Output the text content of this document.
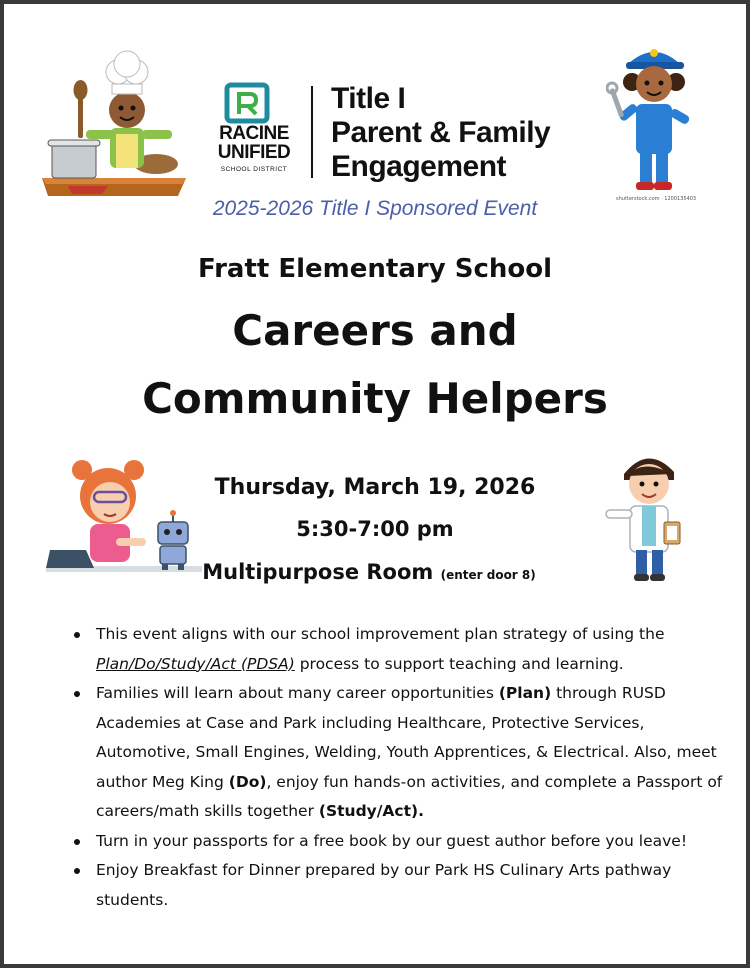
RACINE
UNIFIED
SCHOOL DISTRICT
Title I
Parent & Family
Engagement
shutterstock.com · 1200135403
2025-2026 Title I Sponsored Event
Fratt Elementary School
Careers and
Community Helpers
Thursday, March 19, 2026
5:30-7:00 pm
Multipurpose Room (enter door 8)
This event aligns with our school improvement plan strategy of using the
Plan/Do/Study/Act (PDSA) process to support teaching and learning.
Families will learn about many career opportunities (Plan) through RUSD Academies at Case and Park including Healthcare, Protective Services, Automotive, Small Engines, Welding, Youth Apprentices, & Electrical. Also, meet author Meg King (Do), enjoy fun hands-on activities, and complete a Passport of careers/math skills together (Study/Act).
Turn in your passports for a free book by our guest author before you leave!
Enjoy Breakfast for Dinner prepared by our Park HS Culinary Arts pathway students.
